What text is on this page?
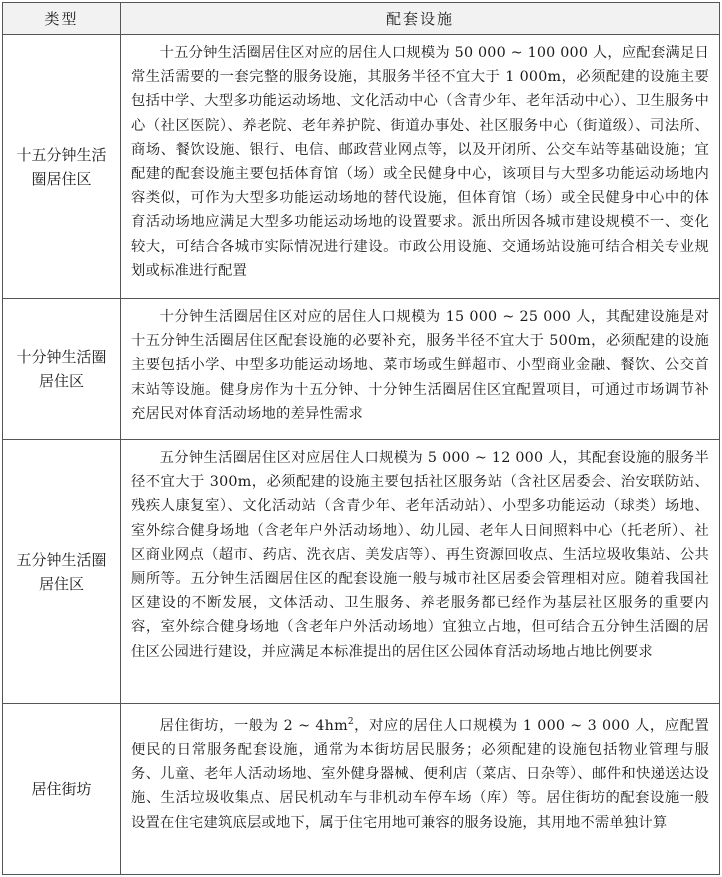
类型	配套设施
十五分钟生活圈居住区	十五分钟生活圈居住区对应的居住人口规模为 50 000 ~ 100 000 人，应配套满足日常生活需要的一套完整的服务设施，其服务半径不宜大于 1 000m，必须配建的设施主要包括中学、大型多功能运动场地、文化活动中心（含青少年、老年活动中心）、卫生服务中心（社区医院）、养老院、老年养护院、街道办事处、社区服务中心（街道级）、司法所、商场、餐饮设施、银行、电信、邮政营业网点等，以及开闭所、公交车站等基础设施；宜配建的配套设施主要包括体育馆（场）或全民健身中心，该项目与大型多功能运动场地内容类似，可作为大型多功能运动场地的替代设施，但体育馆（场）或全民健身中心中的体育活动场地应满足大型多功能运动场地的设置要求。派出所因各城市建设规模不一、变化较大，可结合各城市实际情况进行建设。市政公用设施、交通场站设施可结合相关专业规划或标准进行配置

十分钟生活圈居住区	十分钟生活圈居住区对应的居住人口规模为 15 000 ~ 25 000 人，其配建设施是对十五分钟生活圈居住区配套设施的必要补充，服务半径不宜大于 500m，必须配建的设施主要包括小学、中型多功能运动场地、菜市场或生鲜超市、小型商业金融、餐饮、公交首末站等设施。健身房作为十五分钟、十分钟生活圈居住区宜配置项目，可通过市场调节补充居民对体育活动场地的差异性需求

五分钟生活圈居住区	五分钟生活圈居住区对应居住人口规模为 5 000 ~ 12 000 人，其配套设施的服务半径不宜大于 300m，必须配建的设施主要包括社区服务站（含社区居委会、治安联防站、残疾人康复室）、文化活动站（含青少年、老年活动站）、小型多功能运动（球类）场地、室外综合健身场地（含老年户外活动场地）、幼儿园、老年人日间照料中心（托老所）、社区商业网点（超市、药店、洗衣店、美发店等）、再生资源回收点、生活垃圾收集站、公共厕所等。五分钟生活圈居住区的配套设施一般与城市社区居委会管理相对应。随着我国社区建设的不断发展，文体活动、卫生服务、养老服务都已经作为基层社区服务的重要内容，室外综合健身场地（含老年户外活动场地）宜独立占地，但可结合五分钟生活圈的居住区公园进行建设，并应满足本标准提出的居住区公园体育活动场地占地比例要求

居住街坊	居住街坊，一般为 2 ~ $4hm^2$，对应的居住人口规模为 1 000 ~ 3 000 人，应配置便民的日常服务配套设施，通常为本街坊居民服务；必须配建的设施包括物业管理与服务、儿童、老年人活动场地、室外健身器械、便利店（菜店、日杂等）、邮件和快递送达设施、生活垃圾收集点、居民机动车与非机动车停车场（库）等。居住街坊的配套设施一般设置在住宅建筑底层或地下，属于住宅用地可兼容的服务设施，其用地不需单独计算
